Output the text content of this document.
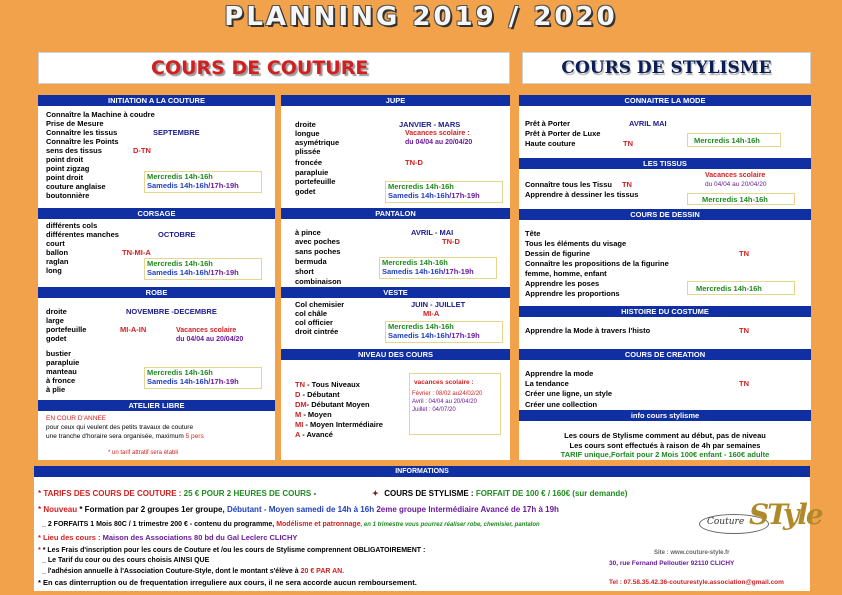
PLANNING 2019 / 2020
COURS DE COUTURE	COURS DE STYLISME
INITIATION A LA COUTURE
Connaître la Machine à coudre
Prise de Mesure
Connaître les tissus	SEPTEMBRE
Connaître les Points
sens des tissus	D-TN
point droit
point zigzag
point droit
couture anglaise
boutonnière
Mercredis 14h-16h
Samedis 14h-16h/17h-19h
CORSAGE
différents cols
différentes manches	OCTOBRE
court
ballon	TN-MI-A
raglan
long
Mercredis 14h-16h
Samedis 14h-16h/17h-19h
ROBE
droite	NOVEMBRE -DECEMBRE
large
portefeuille	MI-A-IN	Vacances scolaire
godet	du 04/04 au 20/04/20
bustier
parapluie
manteau
à fronce
à plie
Mercredis 14h-16h
Samedis 14h-16h/17h-19h
ATELIER LIBRE
EN COUR D'ANNEE
pour ceux qui veulent des petits travaux de couture
une tranche d'horaire sera organisée, maximum 5 pers
* un tarif attratif sera établi
JUPE
droite	JANVIER - MARS
longue	Vacances scolaire :
asymétrique	du 04/04 au 20/04/20
plissée
froncée	TN-D
parapluie
portefeuille
godet
Mercredis 14h-16h
Samedis 14h-16h/17h-19h
PANTALON
à pince	AVRIL - MAI
avec poches	TN-D
sans poches
bermuda
short
combinaison
Mercredis 14h-16h
Samedis 14h-16h/17h-19h
VESTE
Col chemisier	JUIN - JUILLET
col châle	MI-A
col officier
droit cintrée
Mercredis 14h-16h
Samedis 14h-16h/17h-19h
NIVEAU DES COURS
TN - Tous Niveaux
D - Débutant
DM- Débutant Moyen
M - Moyen
MI - Moyen Intermédiaire
A - Avancé
vacances scolaire :
Février : 08/02 au24/02/20
Avril : 04/04 au 20/04/20
Juillet : 04/07/20
CONNAITRE LA MODE
Prêt à Porter	AVRIL MAI
Prêt à Porter de Luxe
Haute couture	TN	Mercredis 14h-16h
LES TISSUS
Connaître tous les Tissu TN
Apprendre à dessiner les tissus
Vacances scolaire
du 04/04 au 20/04/20
Mercredis 14h-16h
COURS DE DESSIN
Tête
Tous les éléments du visage
Dessin de figurine	TN
Connaître les propositions de la figurine
femme, homme, enfant
Apprendre les poses
Apprendre les proportions
Mercredis 14h-16h
HISTOIRE DU COSTUME
Apprendre la Mode à travers l'histo	TN
COURS DE CREATION
Apprendre la mode
La tendance	TN
Créer une ligne, un style
Créer une collection
info cours stylisme
Les cours de Stylisme comment au début, pas de niveau
Les cours sont effectués à raison de 4h par semaines
TARIF unique,Forfait pour 2 Mois 100€ enfant - 160€ adulte
INFORMATIONS
* TARIFS DES COURS DE COUTURE : 25 € POUR 2 HEURES DE COURS -	✦ COURS DE STYLISME : FORFAIT DE 100 € / 160€ (sur demande)
* Nouveau * Formation par 2 groupes 1er groupe, Débutant - Moyen samedi de 14h à 16h 2eme groupe Intermédiaire Avancé de 17h à 19h
_ 2 FORFAITS 1 Mois 80C / 1 trimestre 200 € - contenu du programme, Modélisme et patronnage, en 1 trimestre vous pourrez réaliser robe, chemisier, pantalon
* Lieu des cours : Maison des Associations 80 bd du Gal Leclerc CLICHY
* * Les Frais d'inscription pour les cours de Couture et /ou les cours de Stylisme comprennent OBLIGATOIREMENT :
_ Le Tarif du cour ou des cours choisis AINSI QUE
_ l'adhésion annuelle à l'Association Couture-Style, dont le montant s'élève à 20 € PAR AN.
* En cas dinterruption ou de frequentation irreguliere aux cours, il ne sera accorde aucun remboursement.
Couture STyle
Site : www.couture-style.fr
30, rue Fernand Pelloutier 92110 CLICHY
Tel : 07.58.35.42.36-couturestyle.association@gmail.com
